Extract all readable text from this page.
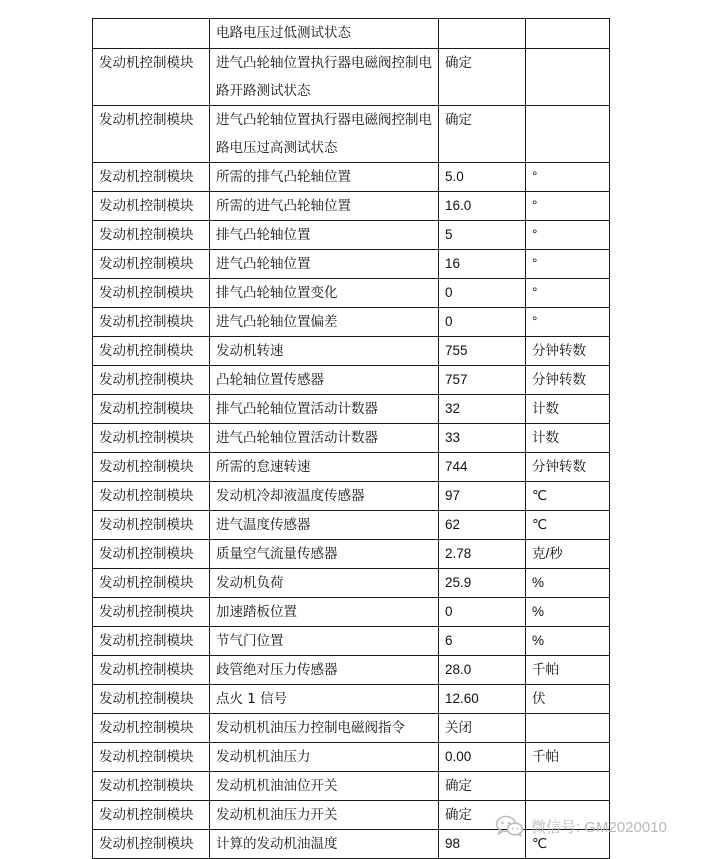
	电路电压过低测试状态		
发动机控制模块	进气凸轮轴位置执行器电磁阀控制电路开路测试状态	确定	
发动机控制模块	进气凸轮轴位置执行器电磁阀控制电路电压过高测试状态	确定	
发动机控制模块	所需的排气凸轮轴位置	5.0	°
发动机控制模块	所需的进气凸轮轴位置	16.0	°
发动机控制模块	排气凸轮轴位置	5	°
发动机控制模块	进气凸轮轴位置	16	°
发动机控制模块	排气凸轮轴位置变化	0	°
发动机控制模块	进气凸轮轴位置偏差	0	°
发动机控制模块	发动机转速	755	分钟转数
发动机控制模块	凸轮轴位置传感器	757	分钟转数
发动机控制模块	排气凸轮轴位置活动计数器	32	计数
发动机控制模块	进气凸轮轴位置活动计数器	33	计数
发动机控制模块	所需的怠速转速	744	分钟转数
发动机控制模块	发动机冷却液温度传感器	97	℃
发动机控制模块	进气温度传感器	62	℃
发动机控制模块	质量空气流量传感器	2.78	克/秒
发动机控制模块	发动机负荷	25.9	%
发动机控制模块	加速踏板位置	0	%
发动机控制模块	节气门位置	6	%
发动机控制模块	歧管绝对压力传感器	28.0	千帕
发动机控制模块	点火 1 信号	12.60	伏
发动机控制模块	发动机机油压力控制电磁阀指令	关闭	
发动机控制模块	发动机机油压力	0.00	千帕
发动机控制模块	发动机机油油位开关	确定	
发动机控制模块	发动机机油压力开关	确定	
发动机控制模块	计算的发动机油温度	98	℃
微信号: GM2020010
